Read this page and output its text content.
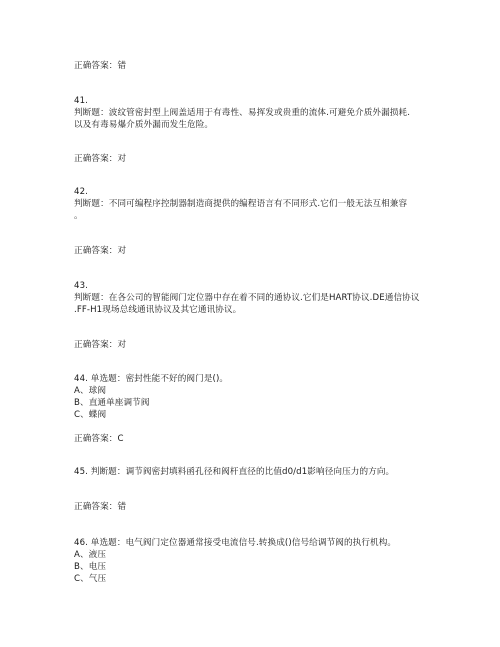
正确答案：错
41.
判断题：波纹管密封型上阀盖适用于有毒性、易挥发或贵重的流体.可避免介质外漏损耗.
以及有毒易爆介质外漏而发生危险。
正确答案：对
42.
判断题：不同可编程序控制器制造商提供的编程语言有不同形式.它们一般无法互相兼容
。
正确答案：对
43.
判断题：在各公司的智能阀门定位器中存在着不同的通协议.它们是HART协议.DE通信协议
.FF-H1现场总线通讯协议及其它通讯协议。
正确答案：对
44. 单选题：密封性能不好的阀门是()。
A、球阀
B、直通单座调节阀
C、蝶阀
正确答案：C
45. 判断题：调节阀密封填料函孔径和阀杆直径的比值d0/d1影响径向压力的方向。
正确答案：错
46. 单选题：电气阀门定位器通常接受电流信号.转换成()信号给调节阀的执行机构。
A、液压
B、电压
C、气压
